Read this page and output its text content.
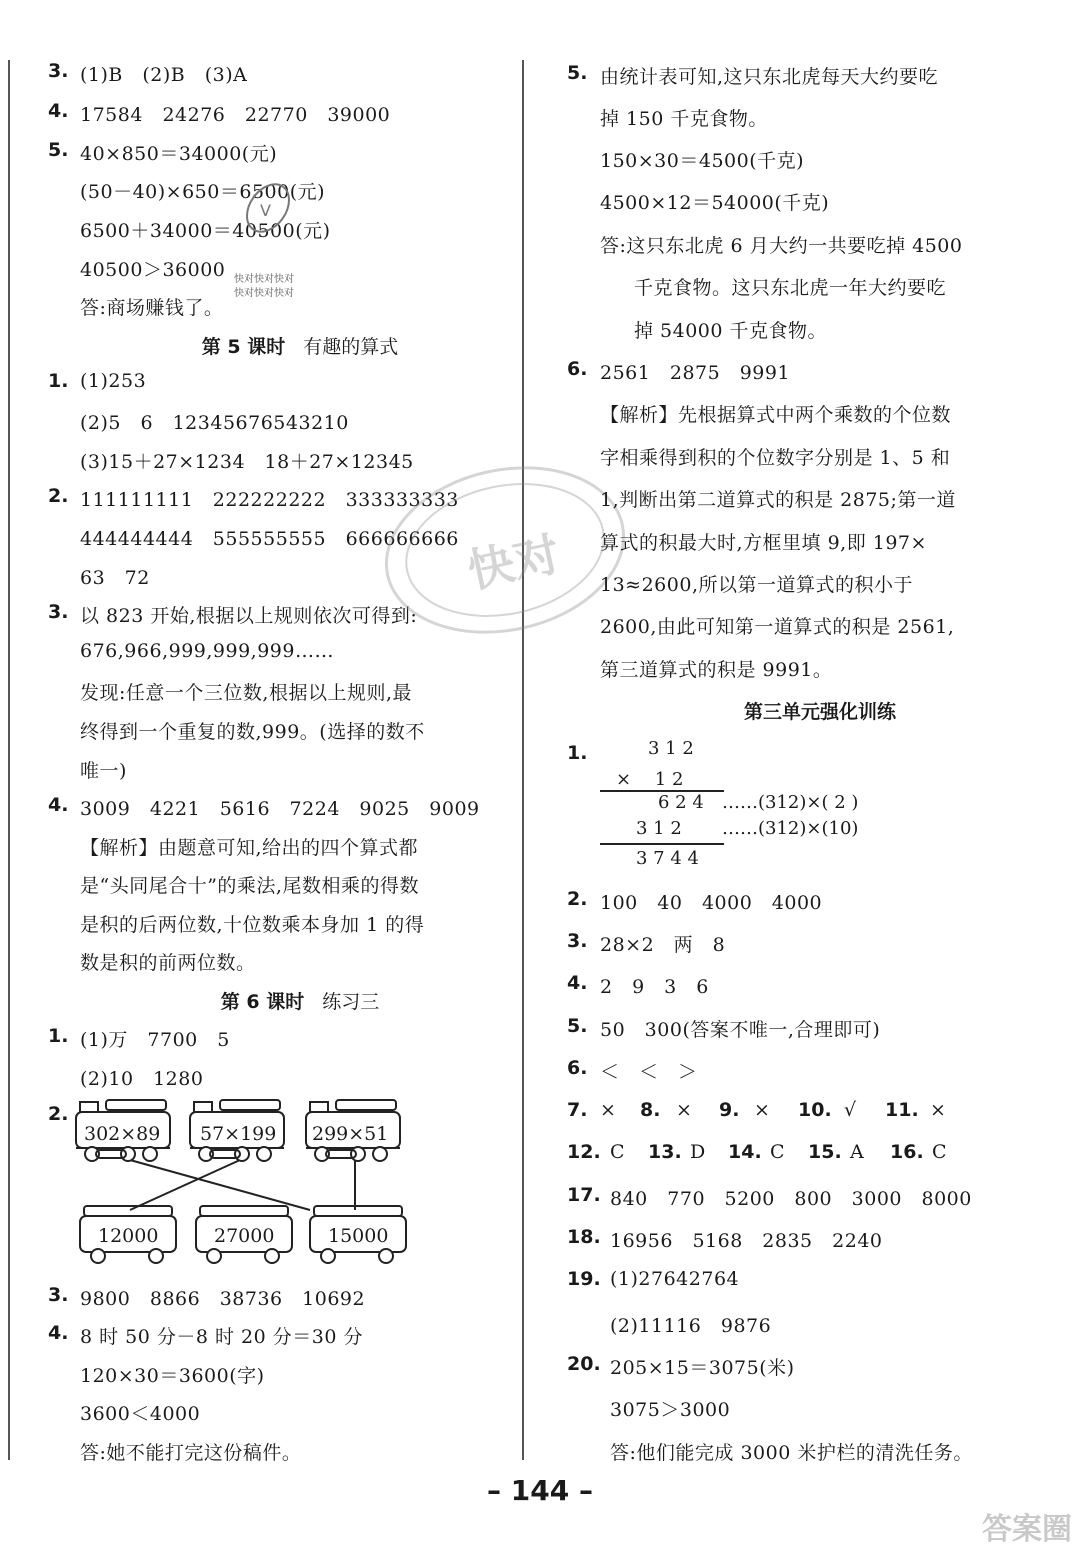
3. (1)B　(2)B　(3)A
4. 17584　24276　22770　39000
5. 40×850＝34000(元)
(50－40)×650＝6500(元)
6500＋34000＝40500(元)
40500＞36000
答:商场赚钱了。
V
快对快对快对
快对快对快对
第 5 课时 有趣的算式
1. (1)253
(2)5　6　12345676543210
(3)15＋27×1234　18＋27×12345
2. 111111111　222222222　333333333
444444444　555555555　666666666
63　72
3. 以 823 开始,根据以上规则依次可得到:
676,966,999,999,999……
发现:任意一个三位数,根据以上规则,最
终得到一个重复的数,999。(选择的数不
唯一)
4. 3009　4221　5616　7224　9025　9009
【解析】由题意可知,给出的四个算式都
是“头同尾合十”的乘法,尾数相乘的得数
是积的后两位数,十位数乘本身加 1 的得
数是积的前两位数。
第 6 课时 练习三
1. (1)万　7700　5
(2)10　1280
2.
302×89 57×199 299×51
12000	27000	15000
3. 9800　8866　38736　10692
4. 8 时 50 分－8 时 20 分＝30 分
120×30＝3600(字)
3600＜4000
答:她不能打完这份稿件。
快对
5. 由统计表可知,这只东北虎每天大约要吃
掉 150 千克食物。
150×30＝4500(千克)
4500×12＝54000(千克)
答:这只东北虎 6 月大约一共要吃掉 4500
千克食物。这只东北虎一年大约要吃
掉 54000 千克食物。
6. 2561　2875　9991
【解析】先根据算式中两个乘数的个位数
字相乘得到积的个位数字分别是 1、5 和
1,判断出第二道算式的积是 2875;第一道
算式的积最大时,方框里填 9,即 197×
13≈2600,所以第一道算式的积小于
2600,由此可知第一道算式的积是 2561,
第三道算式的积是 9991。
第三单元强化训练
1.	3 1 2
×　 1 2
6 2 4 ……(312)×( 2 )
3 1 2 ……(312)×(10)
3 7 4 4
2. 100　40　4000　4000
3. 28×2　两　8
4. 2　9　3　6
5. 50　300(答案不唯一,合理即可)
6. ＜　＜　＞
7. × 8. × 9. × 10. √ 11. ×
12. C 13. D 14. C 15. A 16. C
17. 840　770　5200　800　3000　8000
18. 16956　5168　2835　2240
19. (1)27642764
(2)11116　9876
20. 205×15＝3075(米)
3075＞3000
答:他们能完成 3000 米护栏的清洗任务。
– 144 –
答案圈
